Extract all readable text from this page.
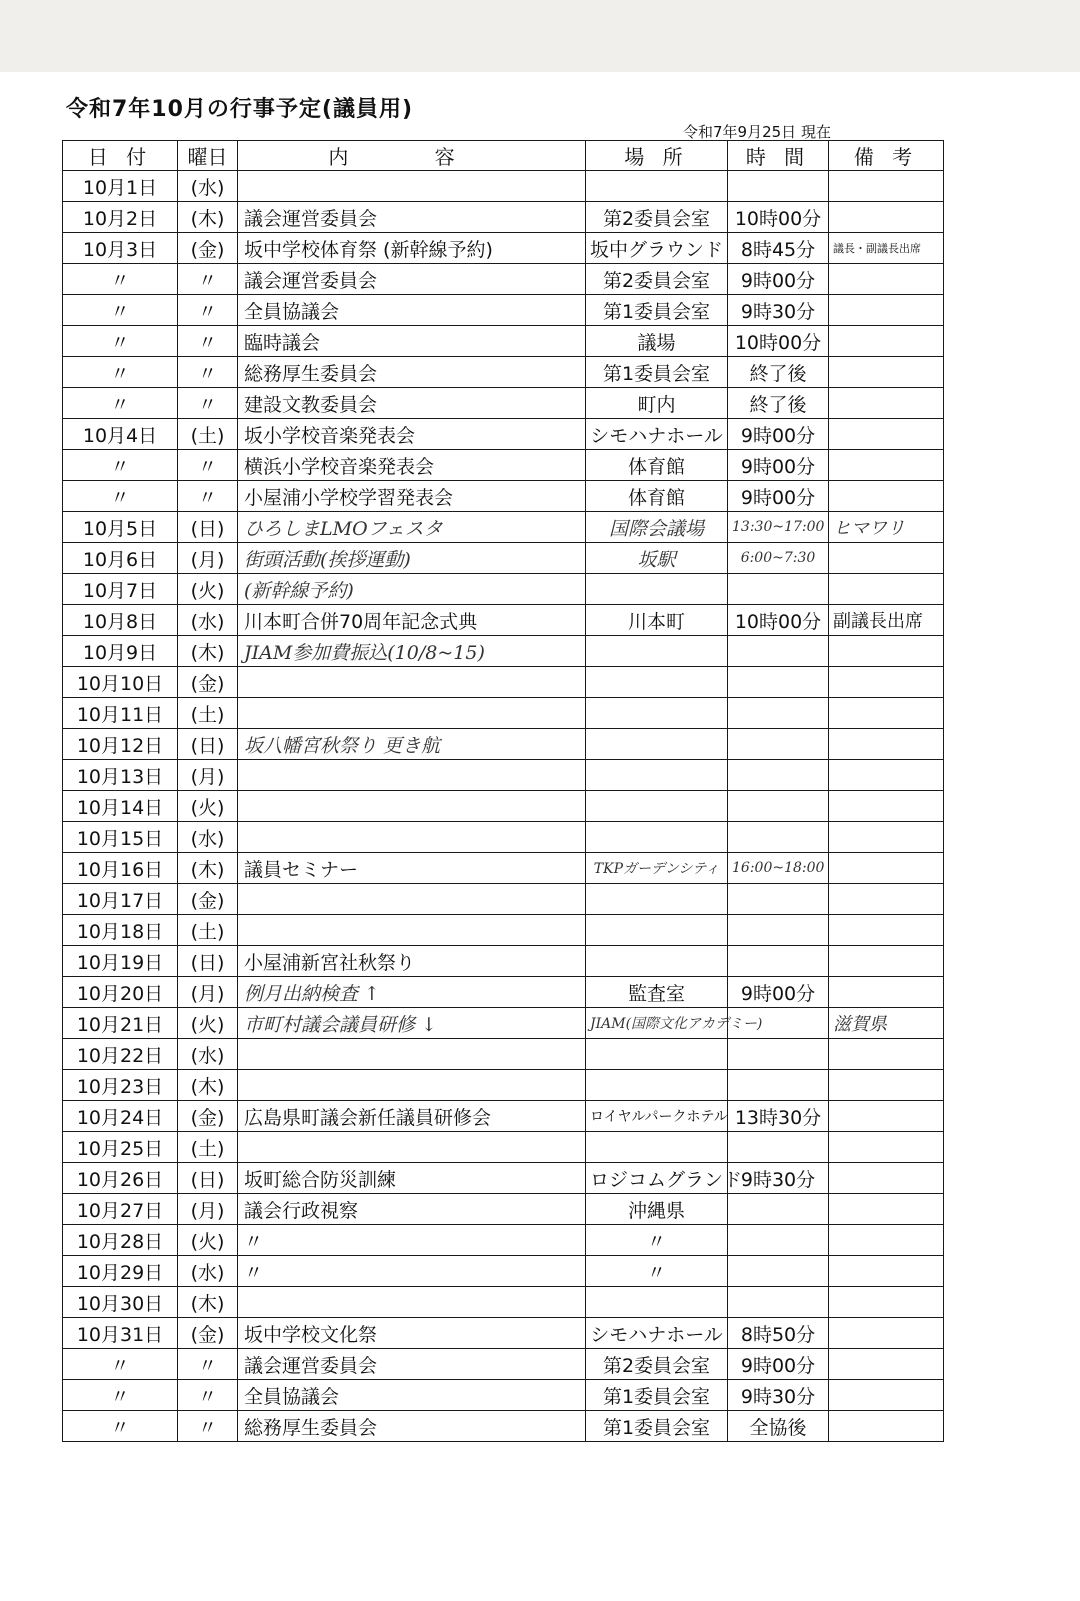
令和7年10月の行事予定(議員用)
令和7年9月25日 現在
日 付	曜日	内 容	場 所	時 間	備 考
10月1日	(水)				
10月2日	(木)	議会運営委員会	第2委員会室	10時00分	
10月3日	(金)	坂中学校体育祭 (新幹線予約)	坂中グラウンド	8時45分	議長・副議長出席
〃	〃	議会運営委員会	第2委員会室	9時00分	
〃	〃	全員協議会	第1委員会室	9時30分	
〃	〃	臨時議会	議場	10時00分	
〃	〃	総務厚生委員会	第1委員会室	終了後	
〃	〃	建設文教委員会	町内	終了後	
10月4日	(土)	坂小学校音楽発表会	シモハナホール	9時00分	
〃	〃	横浜小学校音楽発表会	体育館	9時00分	
〃	〃	小屋浦小学校学習発表会	体育館	9時00分	
10月5日	(日)	ひろしまLMOフェスタ	国際会議場	13:30~17:00	ヒマワリ
10月6日	(月)	街頭活動(挨拶運動)	坂駅	6:00~7:30	
10月7日	(火)	(新幹線予約)			
10月8日	(水)	川本町合併70周年記念式典	川本町	10時00分	副議長出席
10月9日	(木)	JIAM参加費振込(10/8~15)			
10月10日	(金)				
10月11日	(土)				
10月12日	(日)	坂八幡宮秋祭り 更き航			
10月13日	(月)				
10月14日	(火)				
10月15日	(水)				
10月16日	(木)	議員セミナー	TKPガーデンシティ	16:00~18:00	
10月17日	(金)				
10月18日	(土)				
10月19日	(日)	小屋浦新宮社秋祭り			
10月20日	(月)	例月出納検査 ↑	監査室	9時00分	
10月21日	(火)	市町村議会議員研修 ↓	JIAM(国際文化アカデミー)		滋賀県
10月22日	(水)				
10月23日	(木)				
10月24日	(金)	広島県町議会新任議員研修会	ロイヤルパークホテル	13時30分	
10月25日	(土)				
10月26日	(日)	坂町総合防災訓練	ロジコムグランド	9時30分	
10月27日	(月)	議会行政視察	沖縄県		
10月28日	(火)	〃	〃		
10月29日	(水)	〃	〃		
10月30日	(木)				
10月31日	(金)	坂中学校文化祭	シモハナホール	8時50分	
〃	〃	議会運営委員会	第2委員会室	9時00分	
〃	〃	全員協議会	第1委員会室	9時30分	
〃	〃	総務厚生委員会	第1委員会室	全協後	
